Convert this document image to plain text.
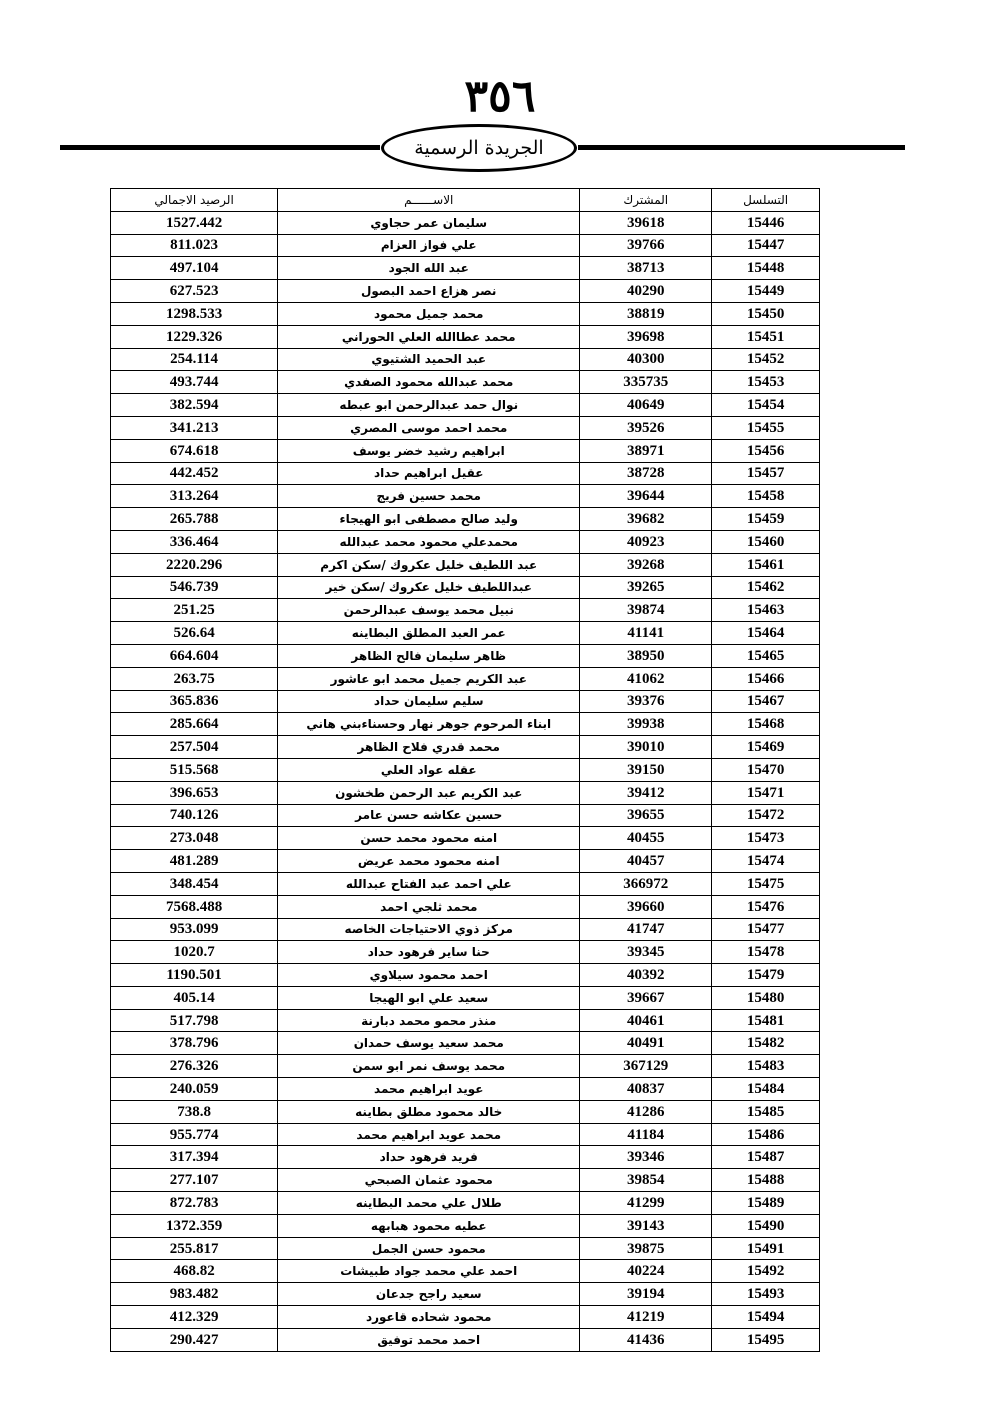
٣٥٦
الجريدة الرسمية
الرصيد الاجمالي	الاســــــم	المشترك	التسلسل
1527.442	سليمان عمر حجاوي	39618	15446
811.023	علي فواز العزام	39766	15447
497.104	عبد الله الجود	38713	15448
627.523	نصر هزاع احمد البصول	40290	15449
1298.533	محمد جميل محمود	38819	15450
1229.326	محمد عطاالله العلي الحوراني	39698	15451
254.114	عبد الحميد الشتيوي	40300	15452
493.744	محمد عبدالله محمود الصفدي	335735	15453
382.594	نوال حمد عبدالرحمن ابو عبطه	40649	15454
341.213	محمد احمد موسى المصري	39526	15455
674.618	ابراهيم رشيد خضر يوسف	38971	15456
442.452	عقيل ابراهيم حداد	38728	15457
313.264	محمد حسين فريج	39644	15458
265.788	وليد صالح مصطفى ابو الهيجاء	39682	15459
336.464	محمدعلي محمود محمد عبدالله	40923	15460
2220.296	عبد اللطيف خليل عكروك /سكن اكرم	39268	15461
546.739	عبداللطيف خليل عكروك /سكن خير	39265	15462
251.25	نبيل محمد يوسف عبدالرحمن	39874	15463
526.64	عمر العبد المطلق البطاينه	41141	15464
664.604	ظاهر سليمان فالح الظاهر	38950	15465
263.75	عبد الكريم جميل محمد ابو عاشور	41062	15466
365.836	سليم سليمان حداد	39376	15467
285.664	ابناء المرحوم جوهر نهار وحسناءبني هاني	39938	15468
257.504	محمد قدري فلاح الظاهر	39010	15469
515.568	عقله عواد العلي	39150	15470
396.653	عبد الكريم عبد الرحمن طخشون	39412	15471
740.126	حسين عكاشه حسن عامر	39655	15472
273.048	امنه محمود محمد حسن	40455	15473
481.289	امنه محمود محمد عريض	40457	15474
348.454	علي احمد عبد الفتاح عبدالله	366972	15475
7568.488	محمد ثلجي احمد	39660	15476
953.099	مركز ذوي الاحتياجات الخاصه	41747	15477
1020.7	حنا ساير فرهود حداد	39345	15478
1190.501	احمد محمود سيلاوي	40392	15479
405.14	سعيد علي ابو الهيجا	39667	15480
517.798	منذر محمو محمد دبارنة	40461	15481
378.796	محمد سعيد يوسف حمدان	40491	15482
276.326	محمد يوسف نمر ابو سمن	367129	15483
240.059	عويد ابراهيم محمد	40837	15484
738.8	خالد محمود مطلق بطاينه	41286	15485
955.774	محمد عويد ابراهيم محمد	41184	15486
317.394	فريد فرهود حداد	39346	15487
277.107	محمود عثمان الصبحي	39854	15488
872.783	طلال علي محمد البطاينه	41299	15489
1372.359	عطيه محمود هبابهه	39143	15490
255.817	محمود حسن الجمل	39875	15491
468.82	احمد علي محمد جواد طبيشات	40224	15492
983.482	سعيد راجح جدعان	39194	15493
412.329	محمود شحاده قاعورد	41219	15494
290.427	احمد محمد توفيق	41436	15495
